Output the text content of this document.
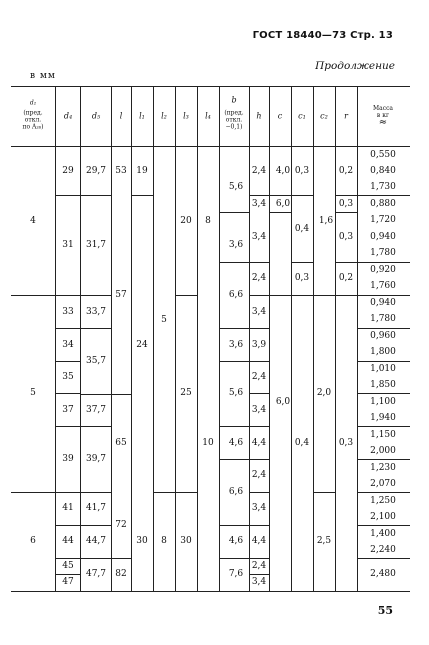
ГОСТ 18440—73 Стр. 13
Продолжение
в мм
55
d₂
(пред.
откл.
по A₂₆)
d₄ d₅ l l₁ l₂ l₃ l₄
b
(пред.
откл.
−0,1)
h c c₁ c₂ r
Масса
в кг
≈
4
5
6
29
31
33
34
35
37
39
41
44
45
47
29,7
31,7
33,7
35,7
37,7
39,7
41,7
44,7
47,7
53
57
65
72
82
19
24
30
5
8
20
25
30
8
10
5,6
3,6
6,6
3,6
5,6
4,6
6,6
4,6
7,6
2,4
3,4
3,4
2,4
3,4
3,9
2,4
3,4
4,4
2,4
3,4
4,4
2,4
3,4
4,0
6,0
6,0
0,3
0,4
0,3
0,4
1,6
2,0
2,5
0,2
0,3
0,3
0,2
0,3
0,550
0,840
1,730
0,880
1,720
0,940
1,780
0,920
1,760
0,940
1,780
0,960
1,800
1,010
1,850
1,100
1,940
1,150
2,000
1,230
2,070
1,250
2,100
1,400
2,240
2,480
